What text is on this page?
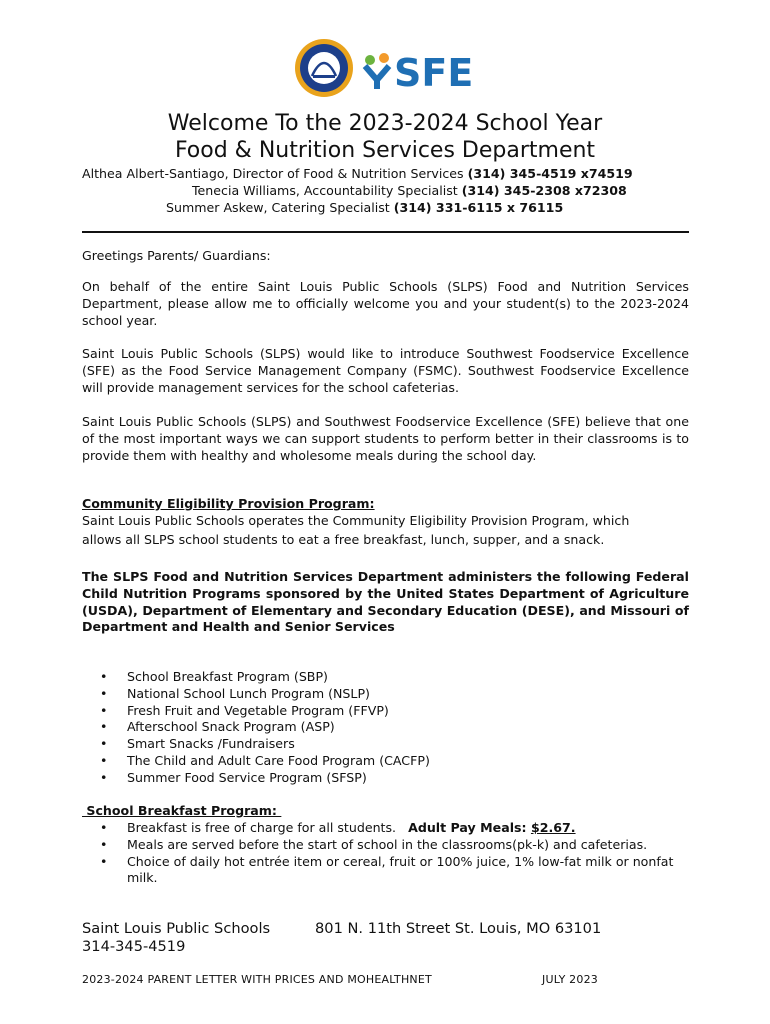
SFE
Welcome To the 2023-2024 School Year
Food & Nutrition Services Department
Althea Albert-Santiago, Director of Food & Nutrition Services (314) 345-4519 x74519
Tenecia Williams, Accountability Specialist (314) 345-2308 x72308
Summer Askew, Catering Specialist (314) 331-6115 x 76115
Greetings Parents/ Guardians:
On behalf of the entire Saint Louis Public Schools (SLPS) Food and Nutrition Services Department, please allow me to officially welcome you and your student(s) to the 2023-2024 school year.
Saint Louis Public Schools (SLPS) would like to introduce Southwest Foodservice Excellence (SFE) as the Food Service Management Company (FSMC). Southwest Foodservice Excellence will provide management services for the school cafeterias.
Saint Louis Public Schools (SLPS) and Southwest Foodservice Excellence (SFE) believe that one of the most important ways we can support students to perform better in their classrooms is to provide them with healthy and wholesome meals during the school day.
Community Eligibility Provision Program:
Saint Louis Public Schools operates the Community Eligibility Provision Program, which
allows all SLPS school students to eat a free breakfast, lunch, supper, and a snack.
The SLPS Food and Nutrition Services Department administers the following Federal Child Nutrition Programs sponsored by the United States Department of Agriculture (USDA), Department of Elementary and Secondary Education (DESE), and Missouri of Department and Health and Senior Services
• School Breakfast Program (SBP)
• National School Lunch Program (NSLP)
• Fresh Fruit and Vegetable Program (FFVP)
• Afterschool Snack Program (ASP)
• Smart Snacks /Fundraisers
• The Child and Adult Care Food Program (CACFP)
• Summer Food Service Program (SFSP)
School Breakfast Program:
• Breakfast is free of charge for all students.   Adult Pay Meals: $2.67.
• Meals are served before the start of school in the classrooms(pk-k) and cafeterias.
• Choice of daily hot entrée item or cereal, fruit or 100% juice, 1% low-fat milk or nonfat milk.
Saint Louis Public Schools
314-345-4519
801 N. 11th Street St. Louis, MO 63101
2023-2024 PARENT LETTER WITH PRICES AND MOHEALTHNET	JULY 2023
